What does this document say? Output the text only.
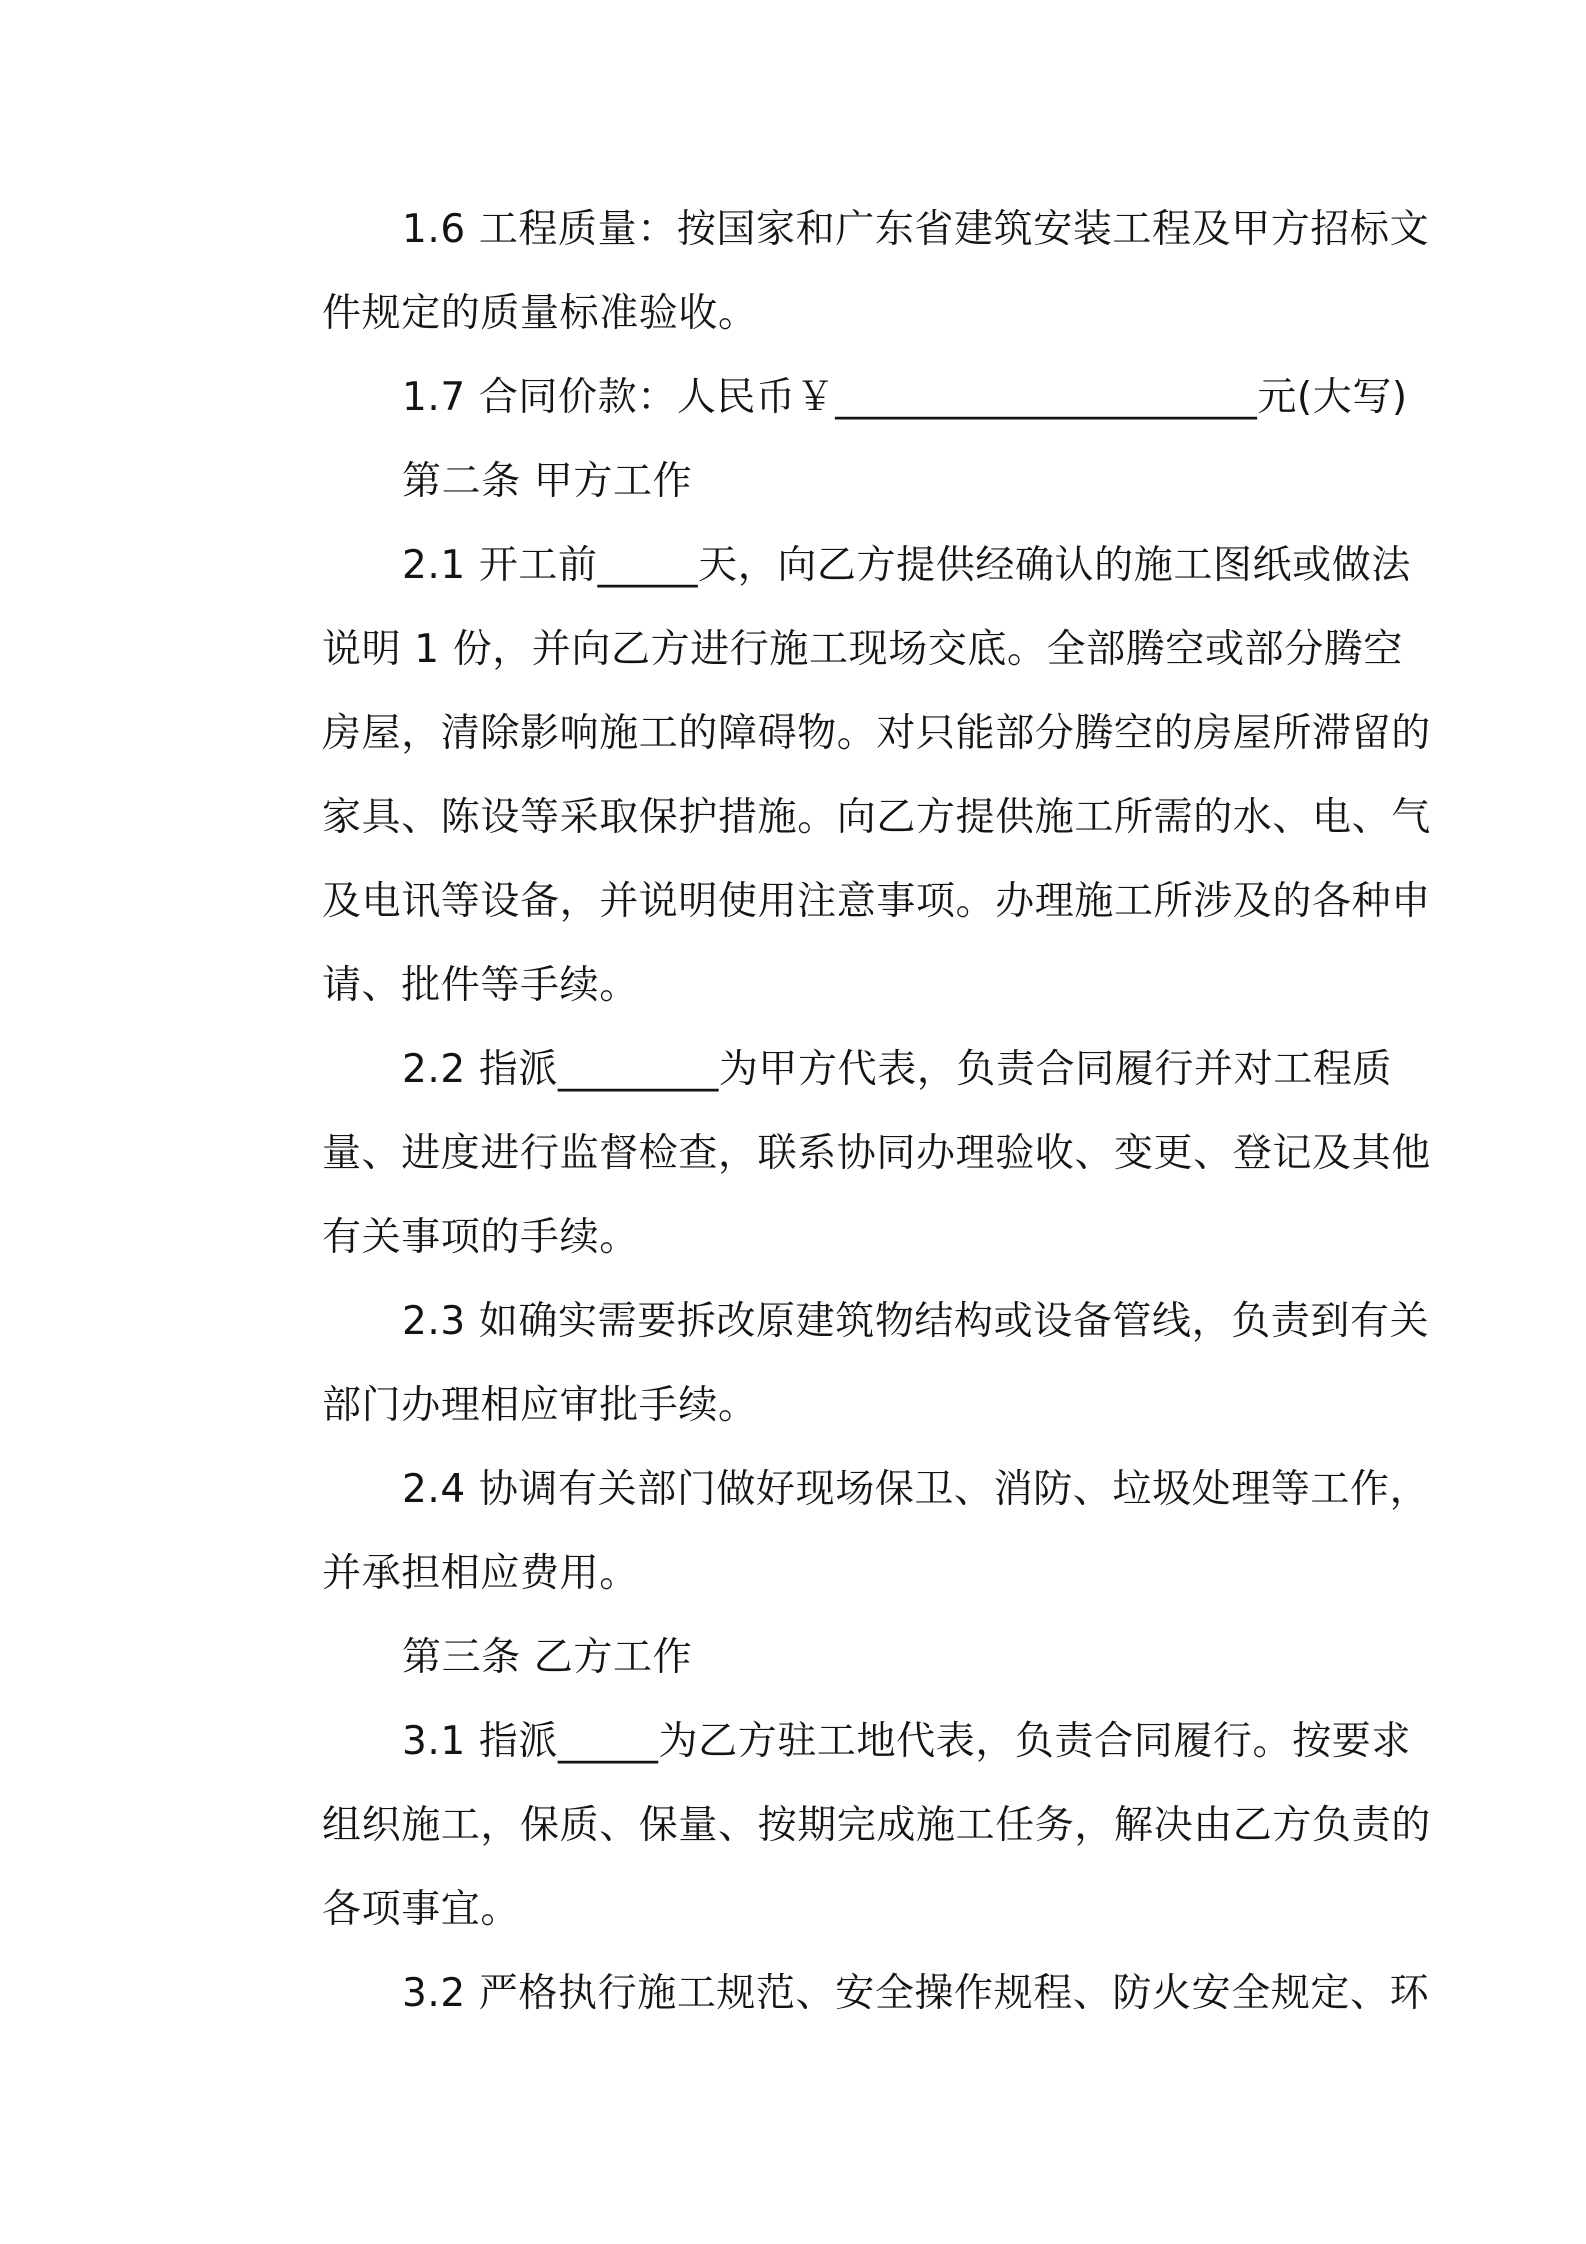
1.6 工程质量：按国家和广东省建筑安装工程及甲方招标文
件规定的质量标准验收。
1.7 合同价款：人民币￥_____________________元(大写)
第二条 甲方工作
2.1 开工前_____天，向乙方提供经确认的施工图纸或做法
说明 1 份，并向乙方进行施工现场交底。全部腾空或部分腾空
房屋，清除影响施工的障碍物。对只能部分腾空的房屋所滞留的
家具、陈设等采取保护措施。向乙方提供施工所需的水、电、气
及电讯等设备，并说明使用注意事项。办理施工所涉及的各种申
请、批件等手续。
2.2 指派________为甲方代表，负责合同履行并对工程质
量、进度进行监督检查，联系协同办理验收、变更、登记及其他
有关事项的手续。
2.3 如确实需要拆改原建筑物结构或设备管线，负责到有关
部门办理相应审批手续。
2.4 协调有关部门做好现场保卫、消防、垃圾处理等工作，
并承担相应费用。
第三条 乙方工作
3.1 指派_____为乙方驻工地代表，负责合同履行。按要求
组织施工，保质、保量、按期完成施工任务，解决由乙方负责的
各项事宜。
3.2 严格执行施工规范、安全操作规程、防火安全规定、环
